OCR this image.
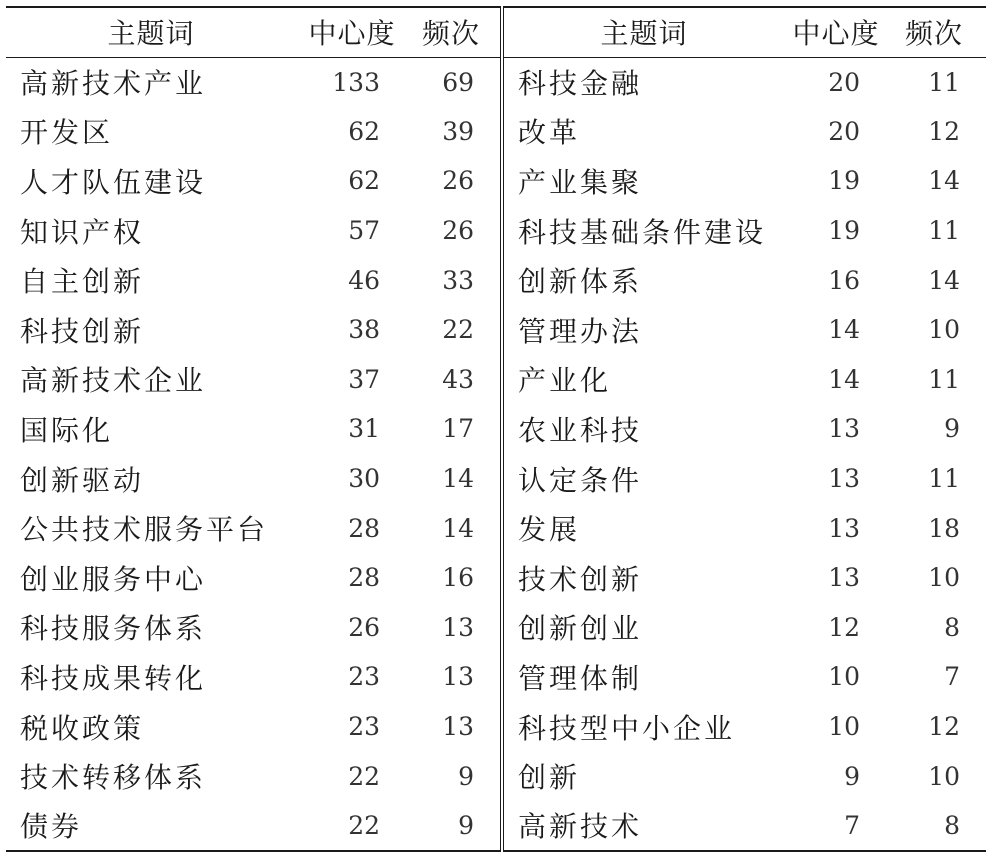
主题词	中心度	频次	主题词	中心度	频次
高新技术产业	133	69	科技金融	20	11
开发区	62	39	改革	20	12
人才队伍建设	62	26	产业集聚	19	14
知识产权	57	26	科技基础条件建设	19	11
自主创新	46	33	创新体系	16	14
科技创新	38	22	管理办法	14	10
高新技术企业	37	43	产业化	14	11
国际化	31	17	农业科技	13	9
创新驱动	30	14	认定条件	13	11
公共技术服务平台	28	14	发展	13	18
创业服务中心	28	16	技术创新	13	10
科技服务体系	26	13	创新创业	12	8
科技成果转化	23	13	管理体制	10	7
税收政策	23	13	科技型中小企业	10	12
技术转移体系	22	9	创新	9	10
债券	22	9	高新技术	7	8
